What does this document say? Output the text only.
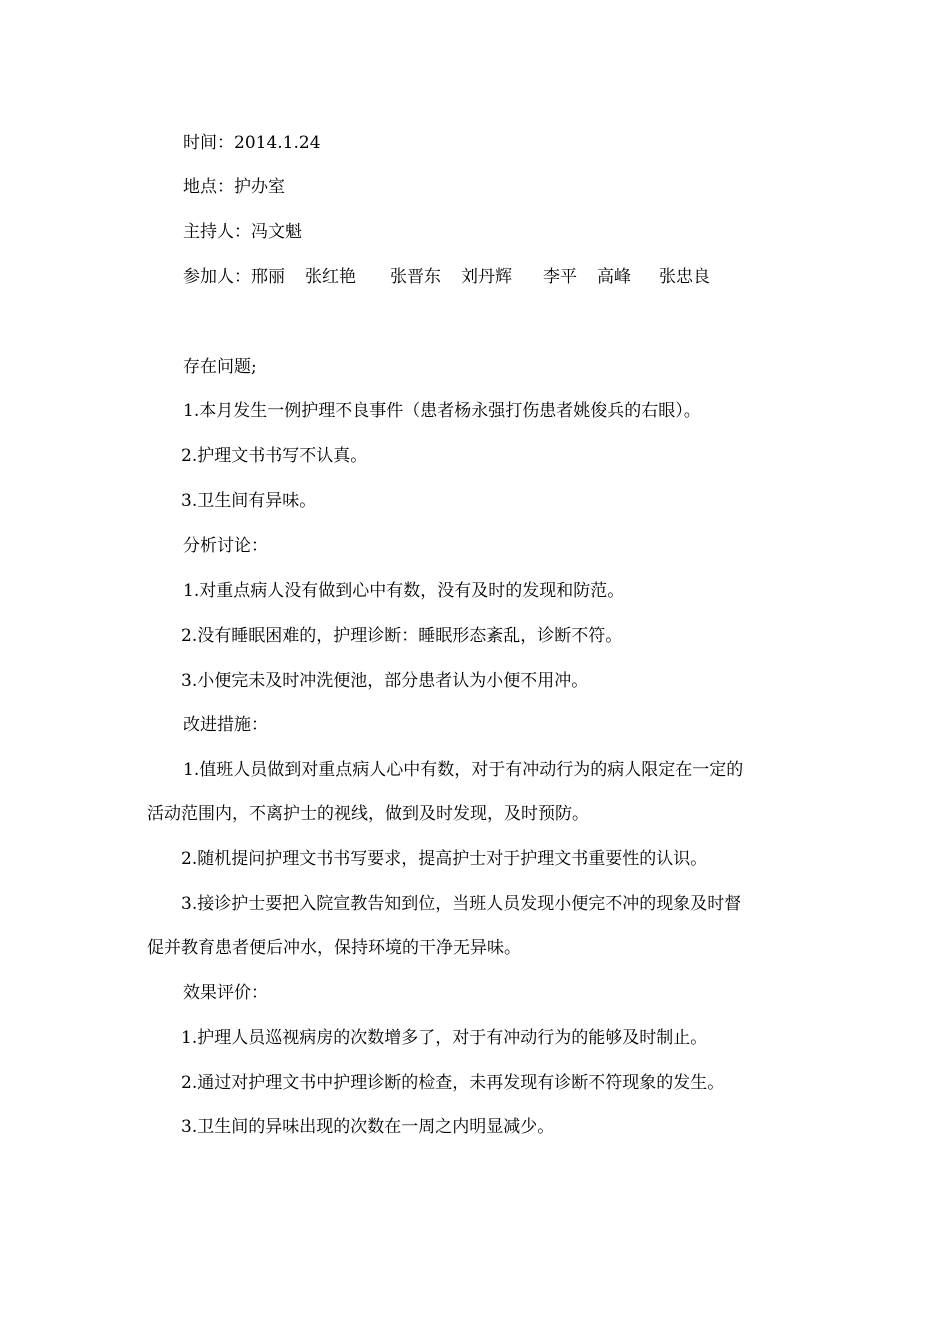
时间：2014.1.24
地点：护办室
主持人：冯文魁
参加人：邢丽 张红艳 张晋东 刘丹辉 李平 高峰 张忠良
存在问题;
1.本月发生一例护理不良事件（患者杨永强打伤患者姚俊兵的右眼）。
2.护理文书书写不认真。
3.卫生间有异味。
分析讨论：
1.对重点病人没有做到心中有数，没有及时的发现和防范。
2.没有睡眠困难的，护理诊断：睡眠形态紊乱，诊断不符。
3.小便完未及时冲洗便池，部分患者认为小便不用冲。
改进措施：
1.值班人员做到对重点病人心中有数，对于有冲动行为的病人限定在一定的
活动范围内，不离护士的视线，做到及时发现，及时预防。
2.随机提问护理文书书写要求，提高护士对于护理文书重要性的认识。
3.接诊护士要把入院宣教告知到位，当班人员发现小便完不冲的现象及时督
促并教育患者便后冲水，保持环境的干净无异味。
效果评价：
1.护理人员巡视病房的次数增多了，对于有冲动行为的能够及时制止。
2.通过对护理文书中护理诊断的检查，未再发现有诊断不符现象的发生。
3.卫生间的异味出现的次数在一周之内明显减少。
